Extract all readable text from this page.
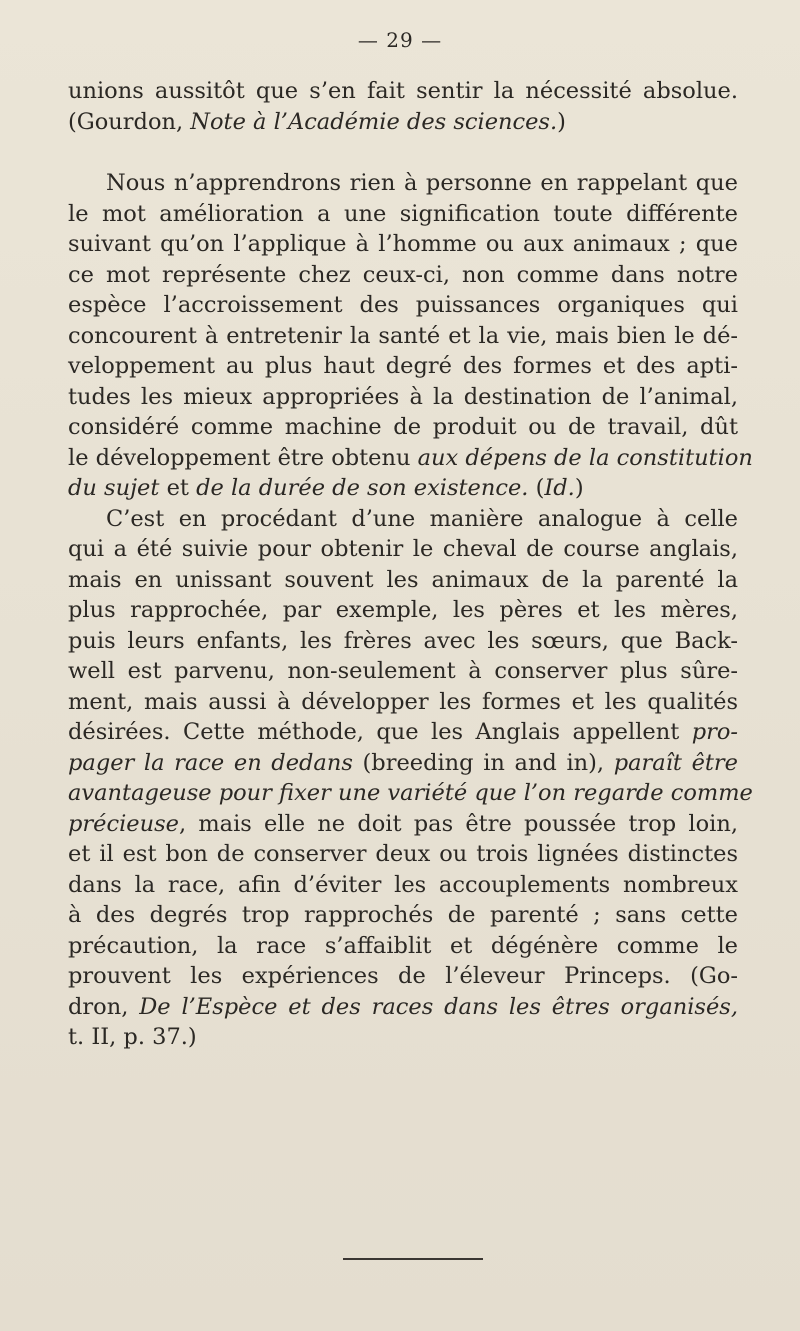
— 29 —
unions aussitôt que s’en fait sentir la nécessité absolue.
(Gourdon, Note à l’Académie des sciences.)
Nous n’apprendrons rien à personne en rappelant que
le mot amélioration a une signification toute différente
suivant qu’on l’applique à l’homme ou aux animaux ; que
ce mot représente chez ceux-ci, non comme dans notre
espèce l’accroissement des puissances organiques qui
concourent à entretenir la santé et la vie, mais bien le dé-
veloppement au plus haut degré des formes et des apti-
tudes les mieux appropriées à la destination de l’animal,
considéré comme machine de produit ou de travail, dût
le développement être obtenu aux dépens de la constitution
du sujet et de la durée de son existence. (Id.)
C’est en procédant d’une manière analogue à celle
qui a été suivie pour obtenir le cheval de course anglais,
mais en unissant souvent les animaux de la parenté la
plus rapprochée, par exemple, les pères et les mères,
puis leurs enfants, les frères avec les sœurs, que Back-
well est parvenu, non-seulement à conserver plus sûre-
ment, mais aussi à développer les formes et les qualités
désirées. Cette méthode, que les Anglais appellent pro-
pager la race en dedans (breeding in and in), paraît être
avantageuse pour fixer une variété que l’on regarde comme
précieuse, mais elle ne doit pas être poussée trop loin,
et il est bon de conserver deux ou trois lignées distinctes
dans la race, afin d’éviter les accouplements nombreux
à des degrés trop rapprochés de parenté ; sans cette
précaution, la race s’affaiblit et dégénère comme le
prouvent les expériences de l’éleveur Princeps. (Go-
dron, De l’Espèce et des races dans les êtres organisés,
t. II, p. 37.)
